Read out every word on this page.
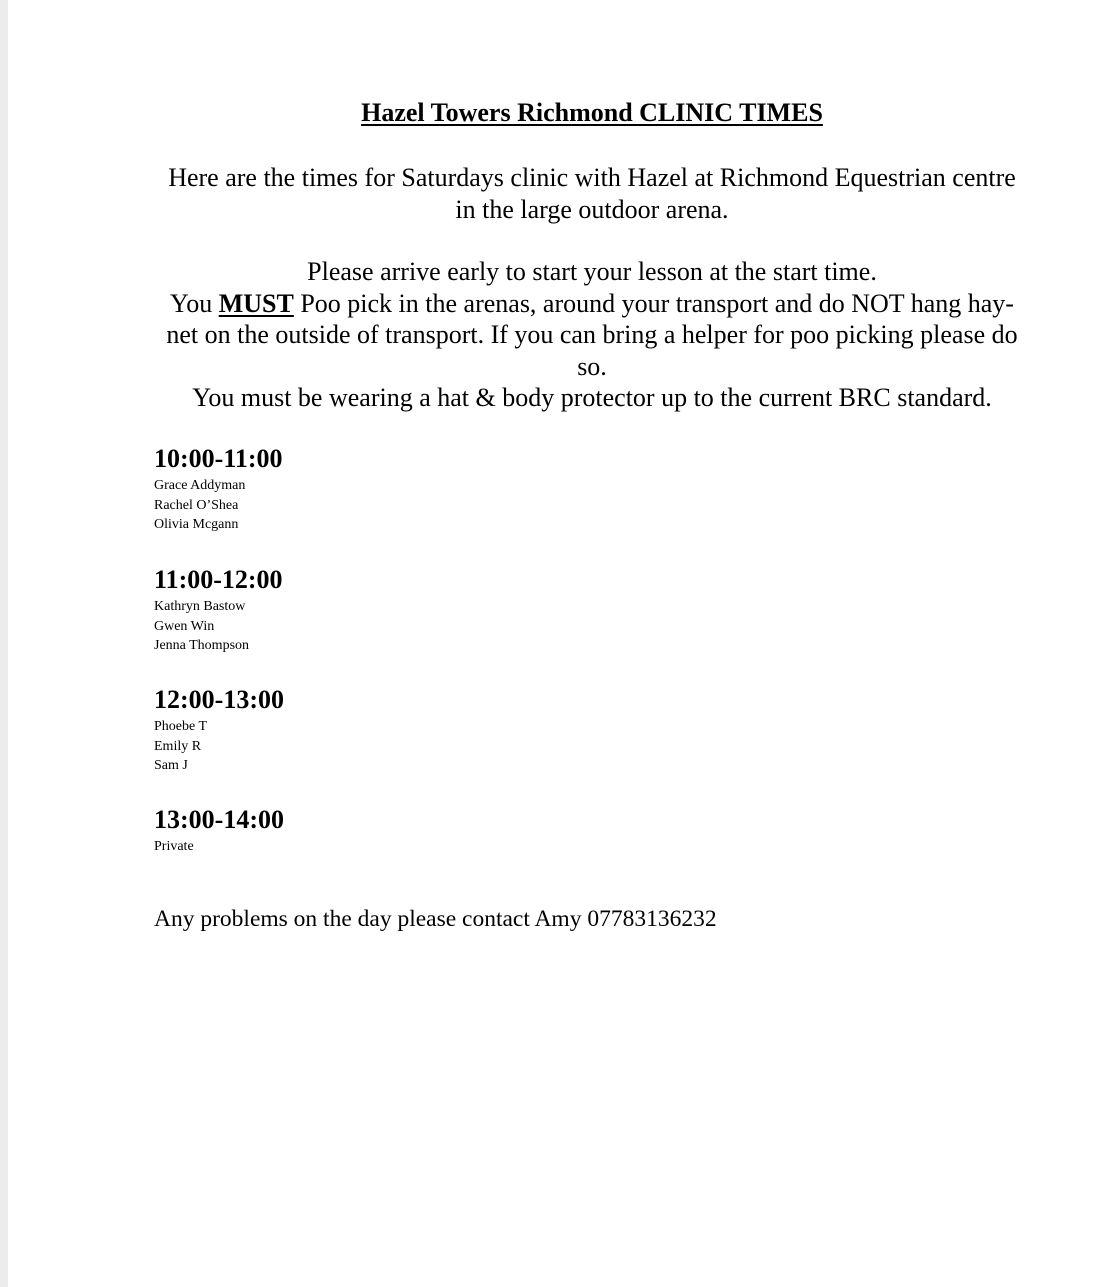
Hazel Towers Richmond CLINIC TIMES
Here are the times for Saturdays clinic with Hazel at Richmond Equestrian centre in the large outdoor arena.
Please arrive early to start your lesson at the start time.
You MUST Poo pick in the arenas, around your transport and do NOT hang hay-net on the outside of transport. If you can bring a helper for poo picking please do so.
You must be wearing a hat & body protector up to the current BRC standard.
10:00-11:00
Grace Addyman
Rachel O’Shea
Olivia Mcgann
11:00-12:00
Kathryn Bastow
Gwen Win
Jenna Thompson
12:00-13:00
Phoebe T
Emily R
Sam J
13:00-14:00
Private
Any problems on the day please contact Amy 07783136232
